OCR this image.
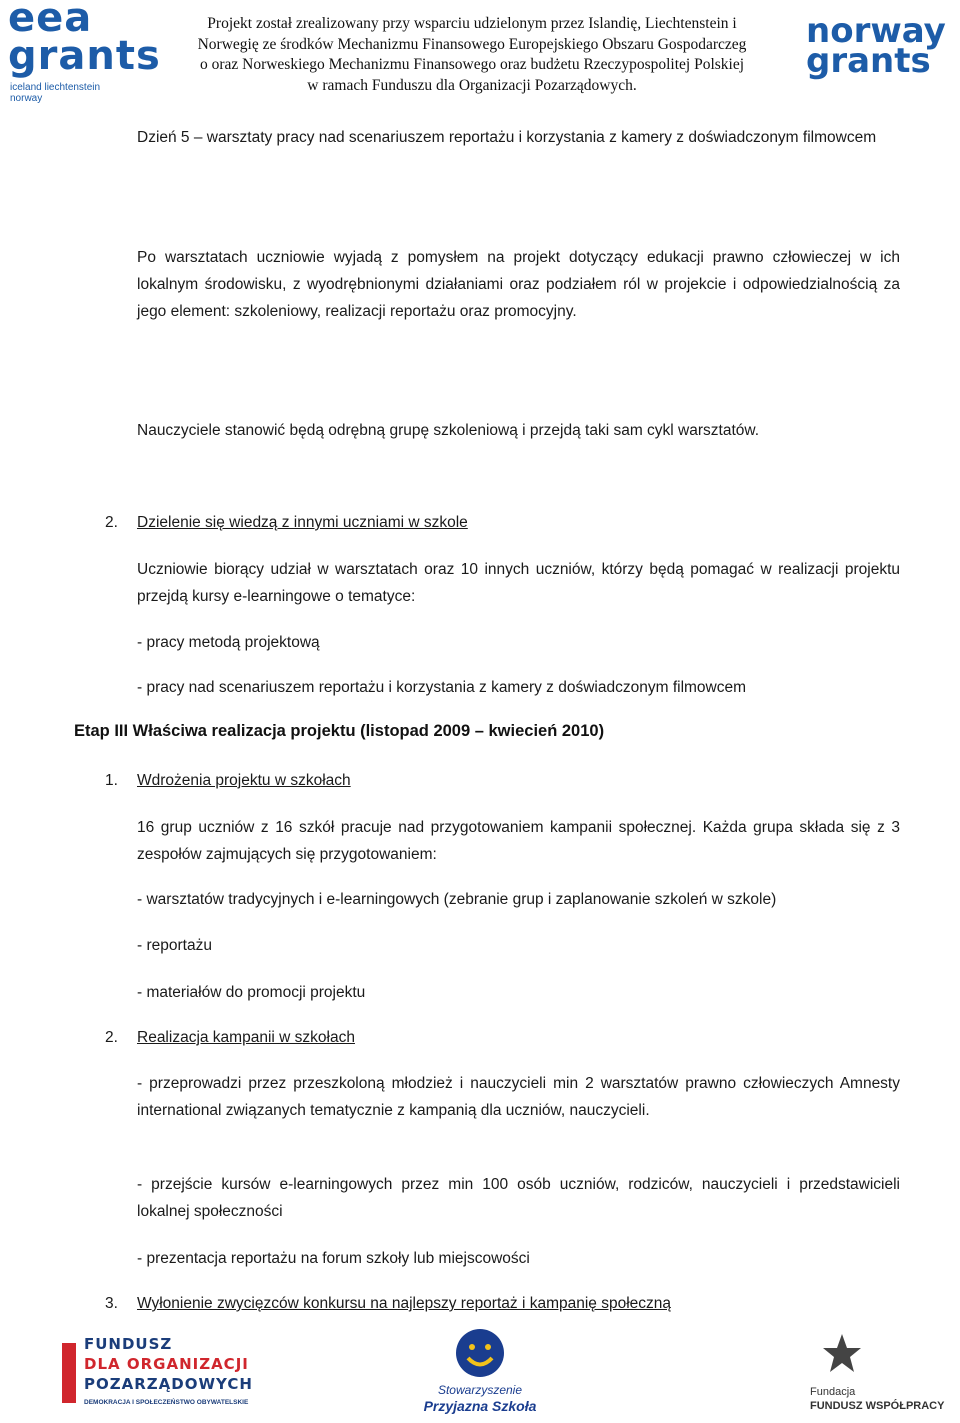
eea
grants
iceland liechtenstein norway
Projekt został zrealizowany przy wsparciu udzielonym przez Islandię, Liechtenstein i
Norwegię ze środków Mechanizmu Finansowego Europejskiego Obszaru Gospodarczeg
o oraz Norweskiego Mechanizmu Finansowego oraz budżetu Rzeczypospolitej Polskiej
w ramach Funduszu dla Organizacji Pozarządowych.
norway
grants
Dzień 5 – warsztaty pracy nad scenariuszem reportażu i korzystania z kamery z doświadczonym filmowcem
Po warsztatach uczniowie wyjadą z pomysłem na projekt dotyczący edukacji prawno człowieczej w ich lokalnym środowisku, z wyodrębnionymi działaniami oraz podziałem ról w projekcie i odpowiedzialnością za jego element: szkoleniowy, realizacji reportażu oraz promocyjny.
Nauczyciele stanowić będą odrębną grupę szkoleniową i przejdą taki sam cykl warsztatów.
2. Dzielenie się wiedzą z innymi uczniami w szkole
Uczniowie biorący udział w warsztatach oraz 10 innych uczniów, którzy będą pomagać w realizacji projektu przejdą kursy e-learningowe o tematyce:
- pracy metodą projektową
- pracy nad scenariuszem reportażu i korzystania z kamery z doświadczonym filmowcem
Etap III Właściwa realizacja projektu (listopad 2009 – kwiecień 2010)
1. Wdrożenia projektu w szkołach
16 grup uczniów z 16 szkół pracuje nad przygotowaniem kampanii społecznej. Każda grupa składa się z 3 zespołów zajmujących się przygotowaniem:
- warsztatów tradycyjnych i e-learningowych (zebranie grup i zaplanowanie szkoleń w szkole)
- reportażu
- materiałów do promocji projektu
2. Realizacja kampanii w szkołach
- przeprowadzi przez przeszkoloną młodzież i nauczycieli min 2 warsztatów prawno człowieczych Amnesty international związanych tematycznie z kampanią dla uczniów, nauczycieli.
- przejście kursów e-learningowych przez min 100 osób uczniów, rodziców, nauczycieli i przedstawicieli lokalnej społeczności
- prezentacja reportażu na forum szkoły lub miejscowości
3. Wyłonienie zwycięzców konkursu na najlepszy reportaż i kampanię społeczną
FUNDUSZ
DLA ORGANIZACJI
POZARZĄDOWYCH
DEMOKRACJA I SPOŁECZEŃSTWO OBYWATELSKIE
Stowarzyszenie
Przyjazna Szkoła
Fundacja
FUNDUSZ WSPÓŁPRACY
